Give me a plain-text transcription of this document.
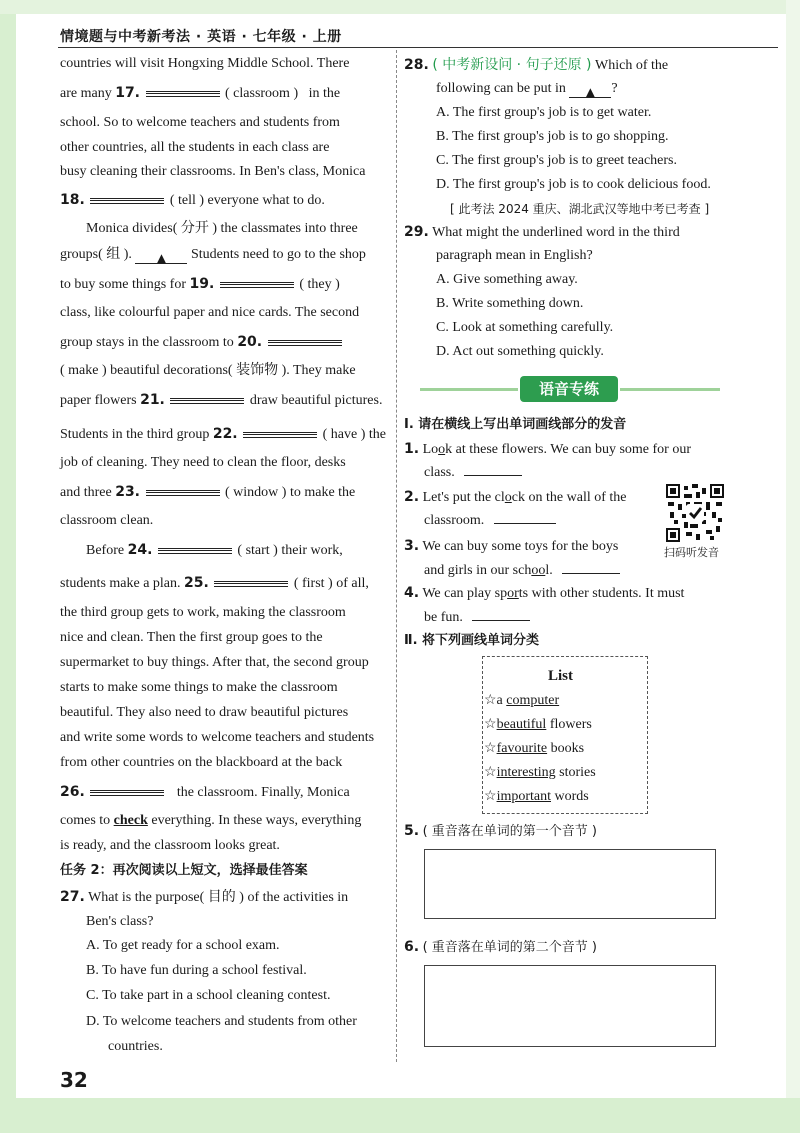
情境题与中考新考法 · 英语 · 七年级 · 上册
countries will visit Hongxing Middle School. There
are many 17.	( classroom ) in the
school. So to welcome teachers and students from
other countries, all the students in each class are
busy cleaning their classrooms. In Ben's class, Monica
18.	( tell ) everyone what to do.
Monica divides( 分开 ) the classmates into three
groups( 组 ). ▲ Students need to go to the shop
to buy some things for 19.	( they )
class, like colourful paper and nice cards. The second
group stays in the classroom to 20.
( make ) beautiful decorations( 装饰物 ). They make
paper flowers 21.	draw beautiful pictures.
Students in the third group 22.	( have ) the
job of cleaning. They need to clean the floor, desks
and three 23.	( window ) to make the
classroom clean.
Before 24.	( start ) their work,
students make a plan. 25.	( first ) of all,
the third group gets to work, making the classroom
nice and clean. Then the first group goes to the
supermarket to buy things. After that, the second group
starts to make some things to make the classroom
beautiful. They also need to draw beautiful pictures
and write some words to welcome teachers and students
from other countries on the blackboard at the back
26.	the classroom. Finally, Monica
comes to check everything. In these ways, everything
is ready, and the classroom looks great.
任务 2：再次阅读以上短文，选择最佳答案
27. What is the purpose( 目的 ) of the activities in
Ben's class?
A. To get ready for a school exam.
B. To have fun during a school festival.
C. To take part in a school cleaning contest.
D. To welcome teachers and students from other
countries.
32
28. ( 中考新设问 · 句子还原 ) Which of the
following can be put in ▲ ?
A. The first group's job is to get water.
B. The first group's job is to go shopping.
C. The first group's job is to greet teachers.
D. The first group's job is to cook delicious food.
[ 此考法 2024 重庆、湖北武汉等地中考已考查 ]
29. What might the underlined word in the third
paragraph mean in English?
A. Give something away.
B. Write something down.
C. Look at something carefully.
D. Act out something quickly.
语音专练
Ⅰ. 请在横线上写出单词画线部分的发音
1. Look at these flowers. We can buy some for our
class.
2. Let's put the clock on the wall of the
classroom.
3. We can buy some toys for the boys
and girls in our school.
4. We can play sports with other students. It must
be fun.
扫码听发音
Ⅱ. 将下列画线单词分类
List
☆a computer
☆beautiful flowers
☆favourite books
☆interesting stories
☆important words
5. ( 重音落在单词的第一个音节 )
6. ( 重音落在单词的第二个音节 )
